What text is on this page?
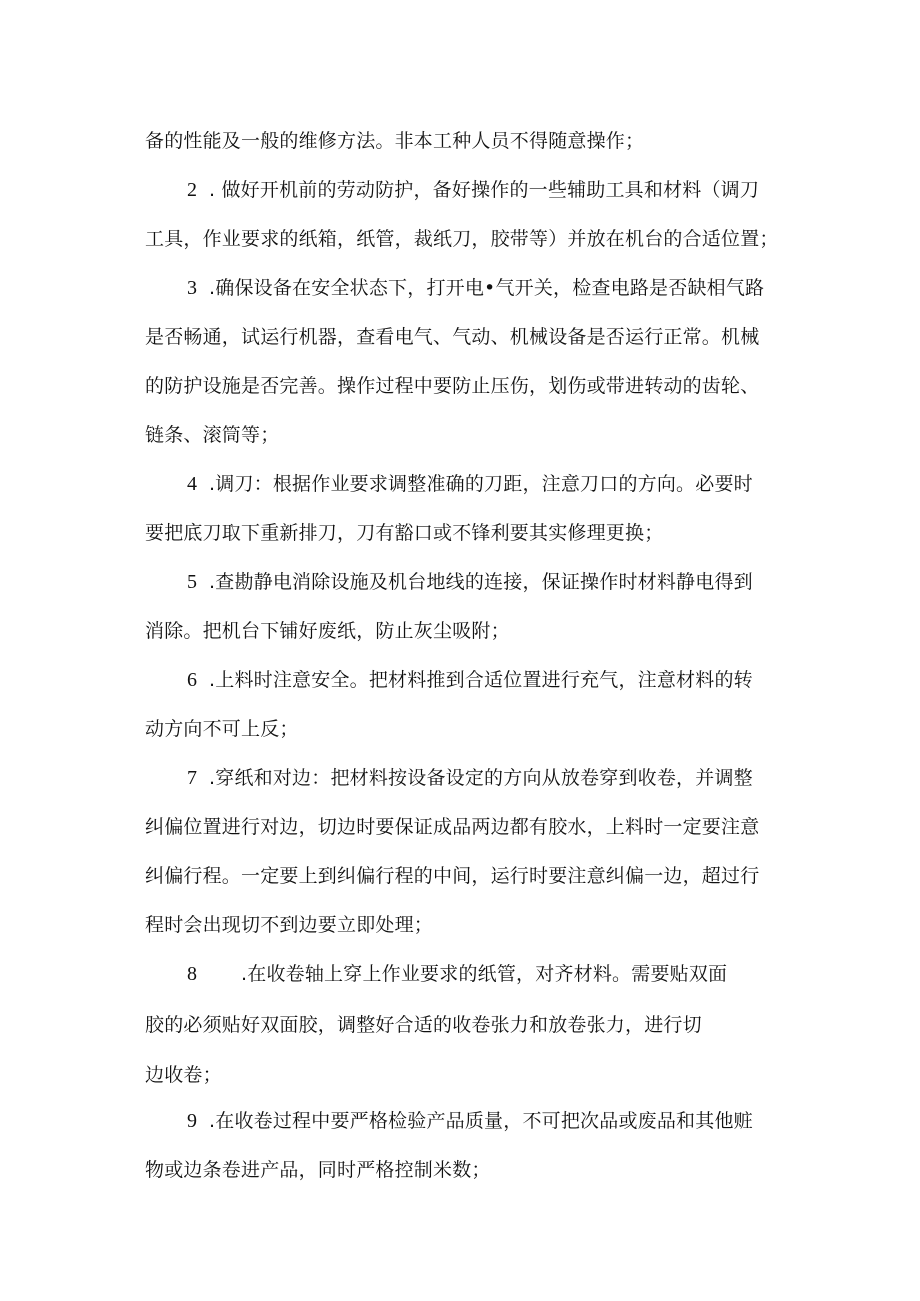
备的性能及一般的维修方法。非本工种人员不得随意操作；
2 . 做好开机前的劳动防护，备好操作的一些辅助工具和材料（调刀
工具，作业要求的纸箱，纸管，裁纸刀，胶带等）并放在机台的合适位置；
3 .确保设备在安全状态下，打开电•气开关，检查电路是否缺相气路
是否畅通，试运行机器，查看电气、气动、机械设备是否运行正常。机械
的防护设施是否完善。操作过程中要防止压伤，划伤或带进转动的齿轮、
链条、滚筒等；
4 .调刀：根据作业要求调整准确的刀距，注意刀口的方向。必要时
要把底刀取下重新排刀，刀有豁口或不锋利要其实修理更换；
5 .查勘静电消除设施及机台地线的连接，保证操作时材料静电得到
消除。把机台下铺好废纸，防止灰尘吸附；
6 .上料时注意安全。把材料推到合适位置进行充气，注意材料的转
动方向不可上反；
7 .穿纸和对边：把材料按设备设定的方向从放卷穿到收卷，并调整
纠偏位置进行对边，切边时要保证成品两边都有胶水，上料时一定要注意
纠偏行程。一定要上到纠偏行程的中间，运行时要注意纠偏一边，超过行
程时会出现切不到边要立即处理；
8 .在收卷轴上穿上作业要求的纸管，对齐材料。需要贴双面
胶的必须贴好双面胶，调整好合适的收卷张力和放卷张力，进行切
边收卷；
9 .在收卷过程中要严格检验产品质量，不可把次品或废品和其他赃
物或边条卷进产品，同时严格控制米数；
